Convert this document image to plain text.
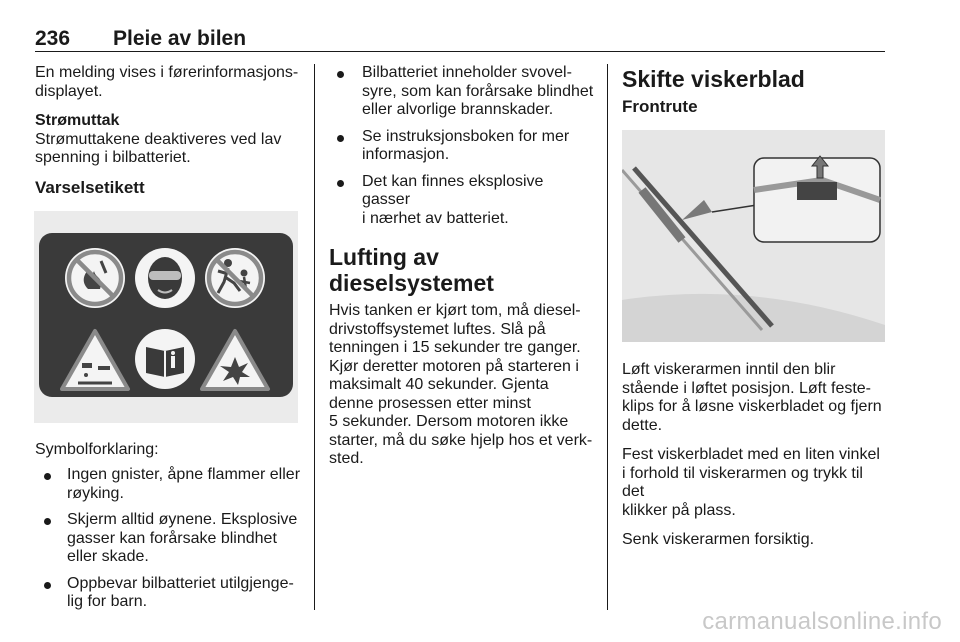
236 Pleie av bilen

En melding vises i førerinformasjons-
displayet.

Strømuttak
Strømuttakene deaktiveres ved lav
spenning i bilbatteriet.

Varselsetikett

Symbolforklaring:

Ingen gnister, åpne flammer eller
røyking.
Skjerm alltid øynene. Eksplosive
gasser kan forårsake blindhet
eller skade.
Oppbevar bilbatteriet utilgjenge-
lig for barn.
Bilbatteriet inneholder svovel-
syre, som kan forårsake blindhet
eller alvorlige brannskader.
Se instruksjonsboken for mer
informasjon.
Det kan finnes eksplosive gasser
i nærhet av batteriet.
Lufting av dieselsystemet

Hvis tanken er kjørt tom, må diesel-
drivstoffsystemet luftes. Slå på
tenningen i 15 sekunder tre ganger.
Kjør deretter motoren på starteren i
maksimalt 40 sekunder. Gjenta
denne prosessen etter minst
5 sekunder. Dersom motoren ikke
starter, må du søke hjelp hos et verk-
sted.

Skifte viskerblad
Frontrute

Løft viskerarmen inntil den blir
stående i løftet posisjon. Løft feste-
klips for å løsne viskerbladet og fjern
dette.

Fest viskerbladet med en liten vinkel
i forhold til viskerarmen og trykk til det
klikker på plass.

Senk viskerarmen forsiktig.

carmanualsonline.info
